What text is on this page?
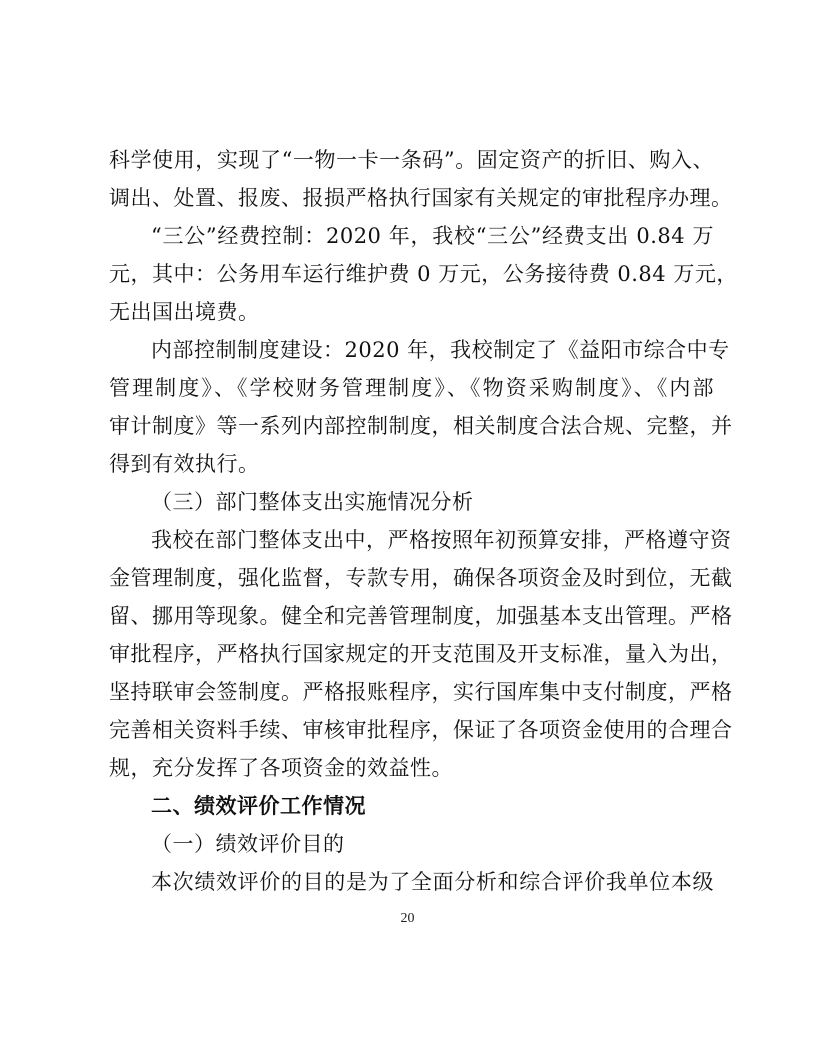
科学使用，实现了“一物一卡一条码”。固定资产的折旧、购入、
调出、处置、报废、报损严格执行国家有关规定的审批程序办理。
“三公”经费控制：2020 年，我校“三公”经费支出 0.84 万
元，其中：公务用车运行维护费 0 万元，公务接待费 0.84 万元，
无出国出境费。
内部控制制度建设：2020 年，我校制定了《益阳市综合中专
管理制度》、《学校财务管理制度》、《物资采购制度》、《内部
审计制度》等一系列内部控制制度，相关制度合法合规、完整，并
得到有效执行。
（三）部门整体支出实施情况分析
我校在部门整体支出中，严格按照年初预算安排，严格遵守资
金管理制度，强化监督，专款专用，确保各项资金及时到位，无截
留、挪用等现象。健全和完善管理制度，加强基本支出管理。严格
审批程序，严格执行国家规定的开支范围及开支标准，量入为出，
坚持联审会签制度。严格报账程序，实行国库集中支付制度，严格
完善相关资料手续、审核审批程序，保证了各项资金使用的合理合
规，充分发挥了各项资金的效益性。
二、绩效评价工作情况
（一）绩效评价目的
本次绩效评价的目的是为了全面分析和综合评价我单位本级
20
